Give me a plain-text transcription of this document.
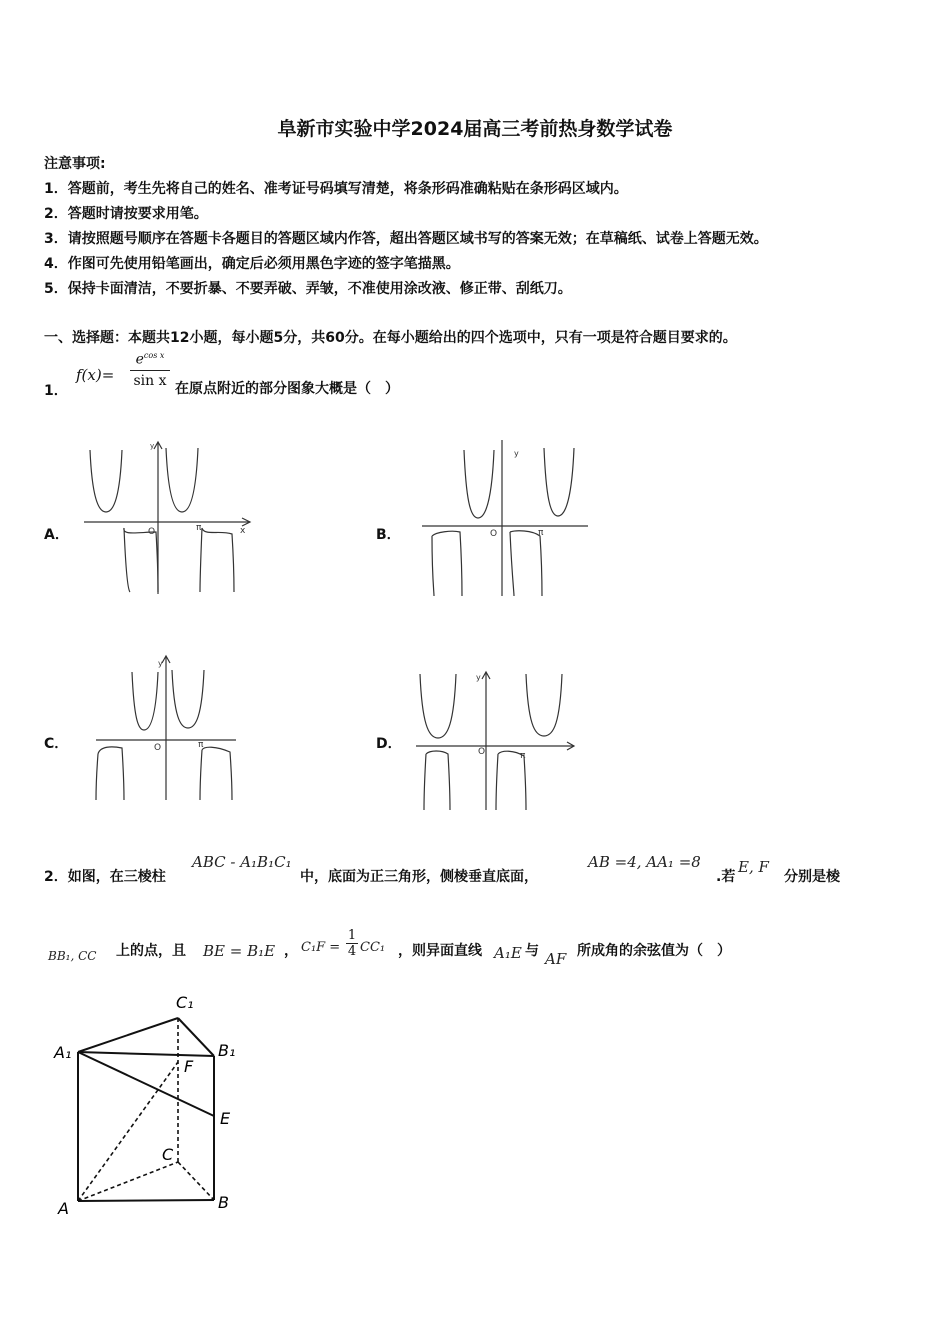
阜新市实验中学2024届高三考前热身数学试卷
注意事项:
1．答题前，考生先将自己的姓名、准考证号码填写清楚，将条形码准确粘贴在条形码区域内。
2．答题时请按要求用笔。
3．请按照题号顺序在答题卡各题目的答题区域内作答，超出答题区域书写的答案无效；在草稿纸、试卷上答题无效。
4．作图可先使用铅笔画出，确定后必须用黑色字迹的签字笔描黑。
5．保持卡面清洁，不要折暴、不要弄破、弄皱，不准使用涂改液、修正带、刮纸刀。
一、选择题：本题共12小题，每小题5分，共60分。在每小题给出的四个选项中，只有一项是符合题目要求的。
1．
f(x)=
$e^{cos x}$
sin x
在原点附近的部分图象大概是（　）
A．	B．
C．	D．
y
x
O	π
y
O	π
y
O	π
y
O	π
2．如图，在三棱柱
ABC - A₁B₁C₁
中，底面为正三角形，侧棱垂直底面，
AB =4, AA₁ =8
.若
E, F
分别是棱
BB₁, CC 上的点，且 BE = B₁E ， $C_1F = \frac{1}{4} CC_1$ ，则异面直线 A₁E 与 AF 所成角的余弦值为（　）
C₁
A₁	B₁
F
E
C
A	B
